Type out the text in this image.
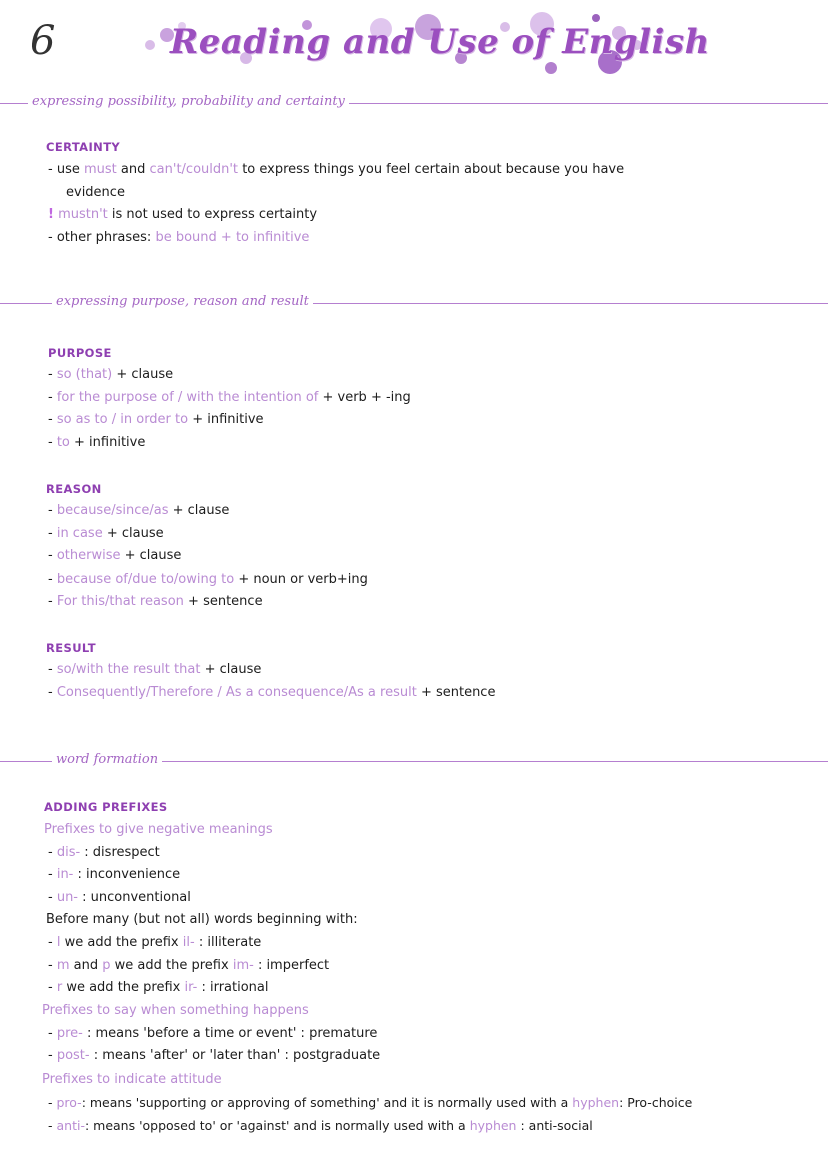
6	Reading and Use of English
expressing possibility, probability and certainty
CERTAINTY
- use must and can't/couldn't to express things you feel certain about because you have
evidence
! mustn't is not used to express certainty
- other phrases: be bound + to infinitive
expressing purpose, reason and result
PURPOSE
- so (that) + clause
- for the purpose of / with the intention of + verb + -ing
- so as to / in order to + infinitive
- to + infinitive
REASON
- because/since/as + clause
- in case + clause
- otherwise + clause
- because of/due to/owing to + noun or verb+ing
- For this/that reason + sentence
RESULT
- so/with the result that + clause
- Consequently/Therefore / As a consequence/As a result + sentence
word formation
ADDING PREFIXES
Prefixes to give negative meanings
- dis- : disrespect
- in- : inconvenience
- un- : unconventional
Before many (but not all) words beginning with:
- l we add the prefix il- : illiterate
- m and p we add the prefix im- : imperfect
- r we add the prefix ir- : irrational
Prefixes to say when something happens
- pre- : means 'before a time or event' : premature
- post- : means 'after' or 'later than' : postgraduate
Prefixes to indicate attitude
- pro-: means 'supporting or approving of something' and it is normally used with a hyphen: Pro-choice
- anti-: means 'opposed to' or 'against' and is normally used with a hyphen : anti-social
